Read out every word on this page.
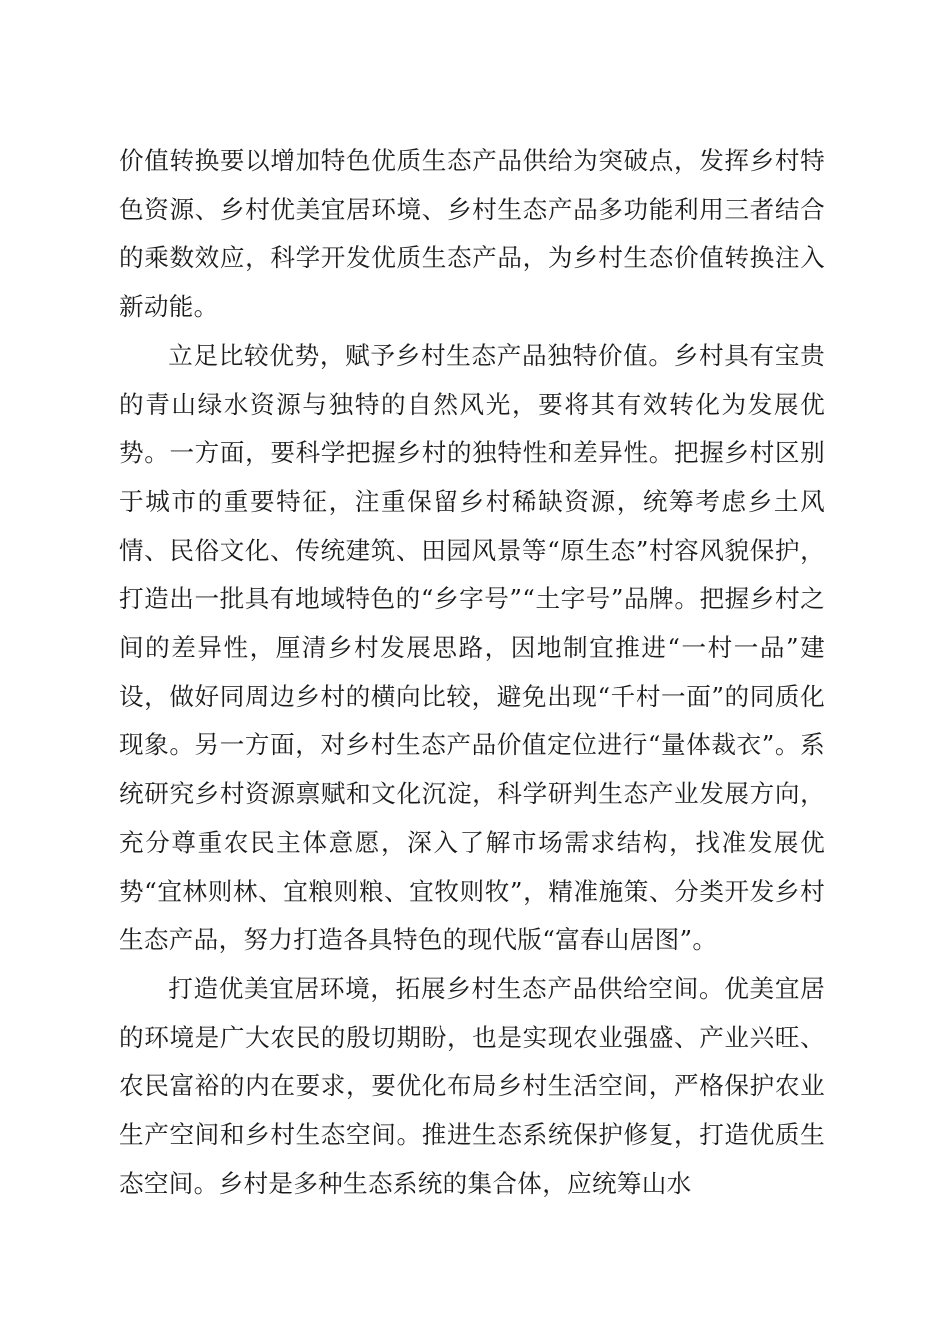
价值转换要以增加特色优质生态产品供给为突破点，发挥乡村特色资源、乡村优美宜居环境、乡村生态产品多功能利用三者结合的乘数效应，科学开发优质生态产品，为乡村生态价值转换注入新动能。

立足比较优势，赋予乡村生态产品独特价值。乡村具有宝贵的青山绿水资源与独特的自然风光，要将其有效转化为发展优势。一方面，要科学把握乡村的独特性和差异性。把握乡村区别于城市的重要特征，注重保留乡村稀缺资源，统筹考虑乡土风情、民俗文化、传统建筑、田园风景等“原生态”村容风貌保护，打造出一批具有地域特色的“乡字号”“土字号”品牌。把握乡村之间的差异性，厘清乡村发展思路，因地制宜推进“一村一品”建设，做好同周边乡村的横向比较，避免出现“千村一面”的同质化现象。另一方面，对乡村生态产品价值定位进行“量体裁衣”。系统研究乡村资源禀赋和文化沉淀，科学研判生态产业发展方向，充分尊重农民主体意愿，深入了解市场需求结构，找准发展优势“宜林则林、宜粮则粮、宜牧则牧”，精准施策、分类开发乡村生态产品，努力打造各具特色的现代版“富春山居图”。

打造优美宜居环境，拓展乡村生态产品供给空间。优美宜居的环境是广大农民的殷切期盼，也是实现农业强盛、产业兴旺、农民富裕的内在要求，要优化布局乡村生活空间，严格保护农业生产空间和乡村生态空间。推进生态系统保护修复，打造优质生态空间。乡村是多种生态系统的集合体，应统筹山水
